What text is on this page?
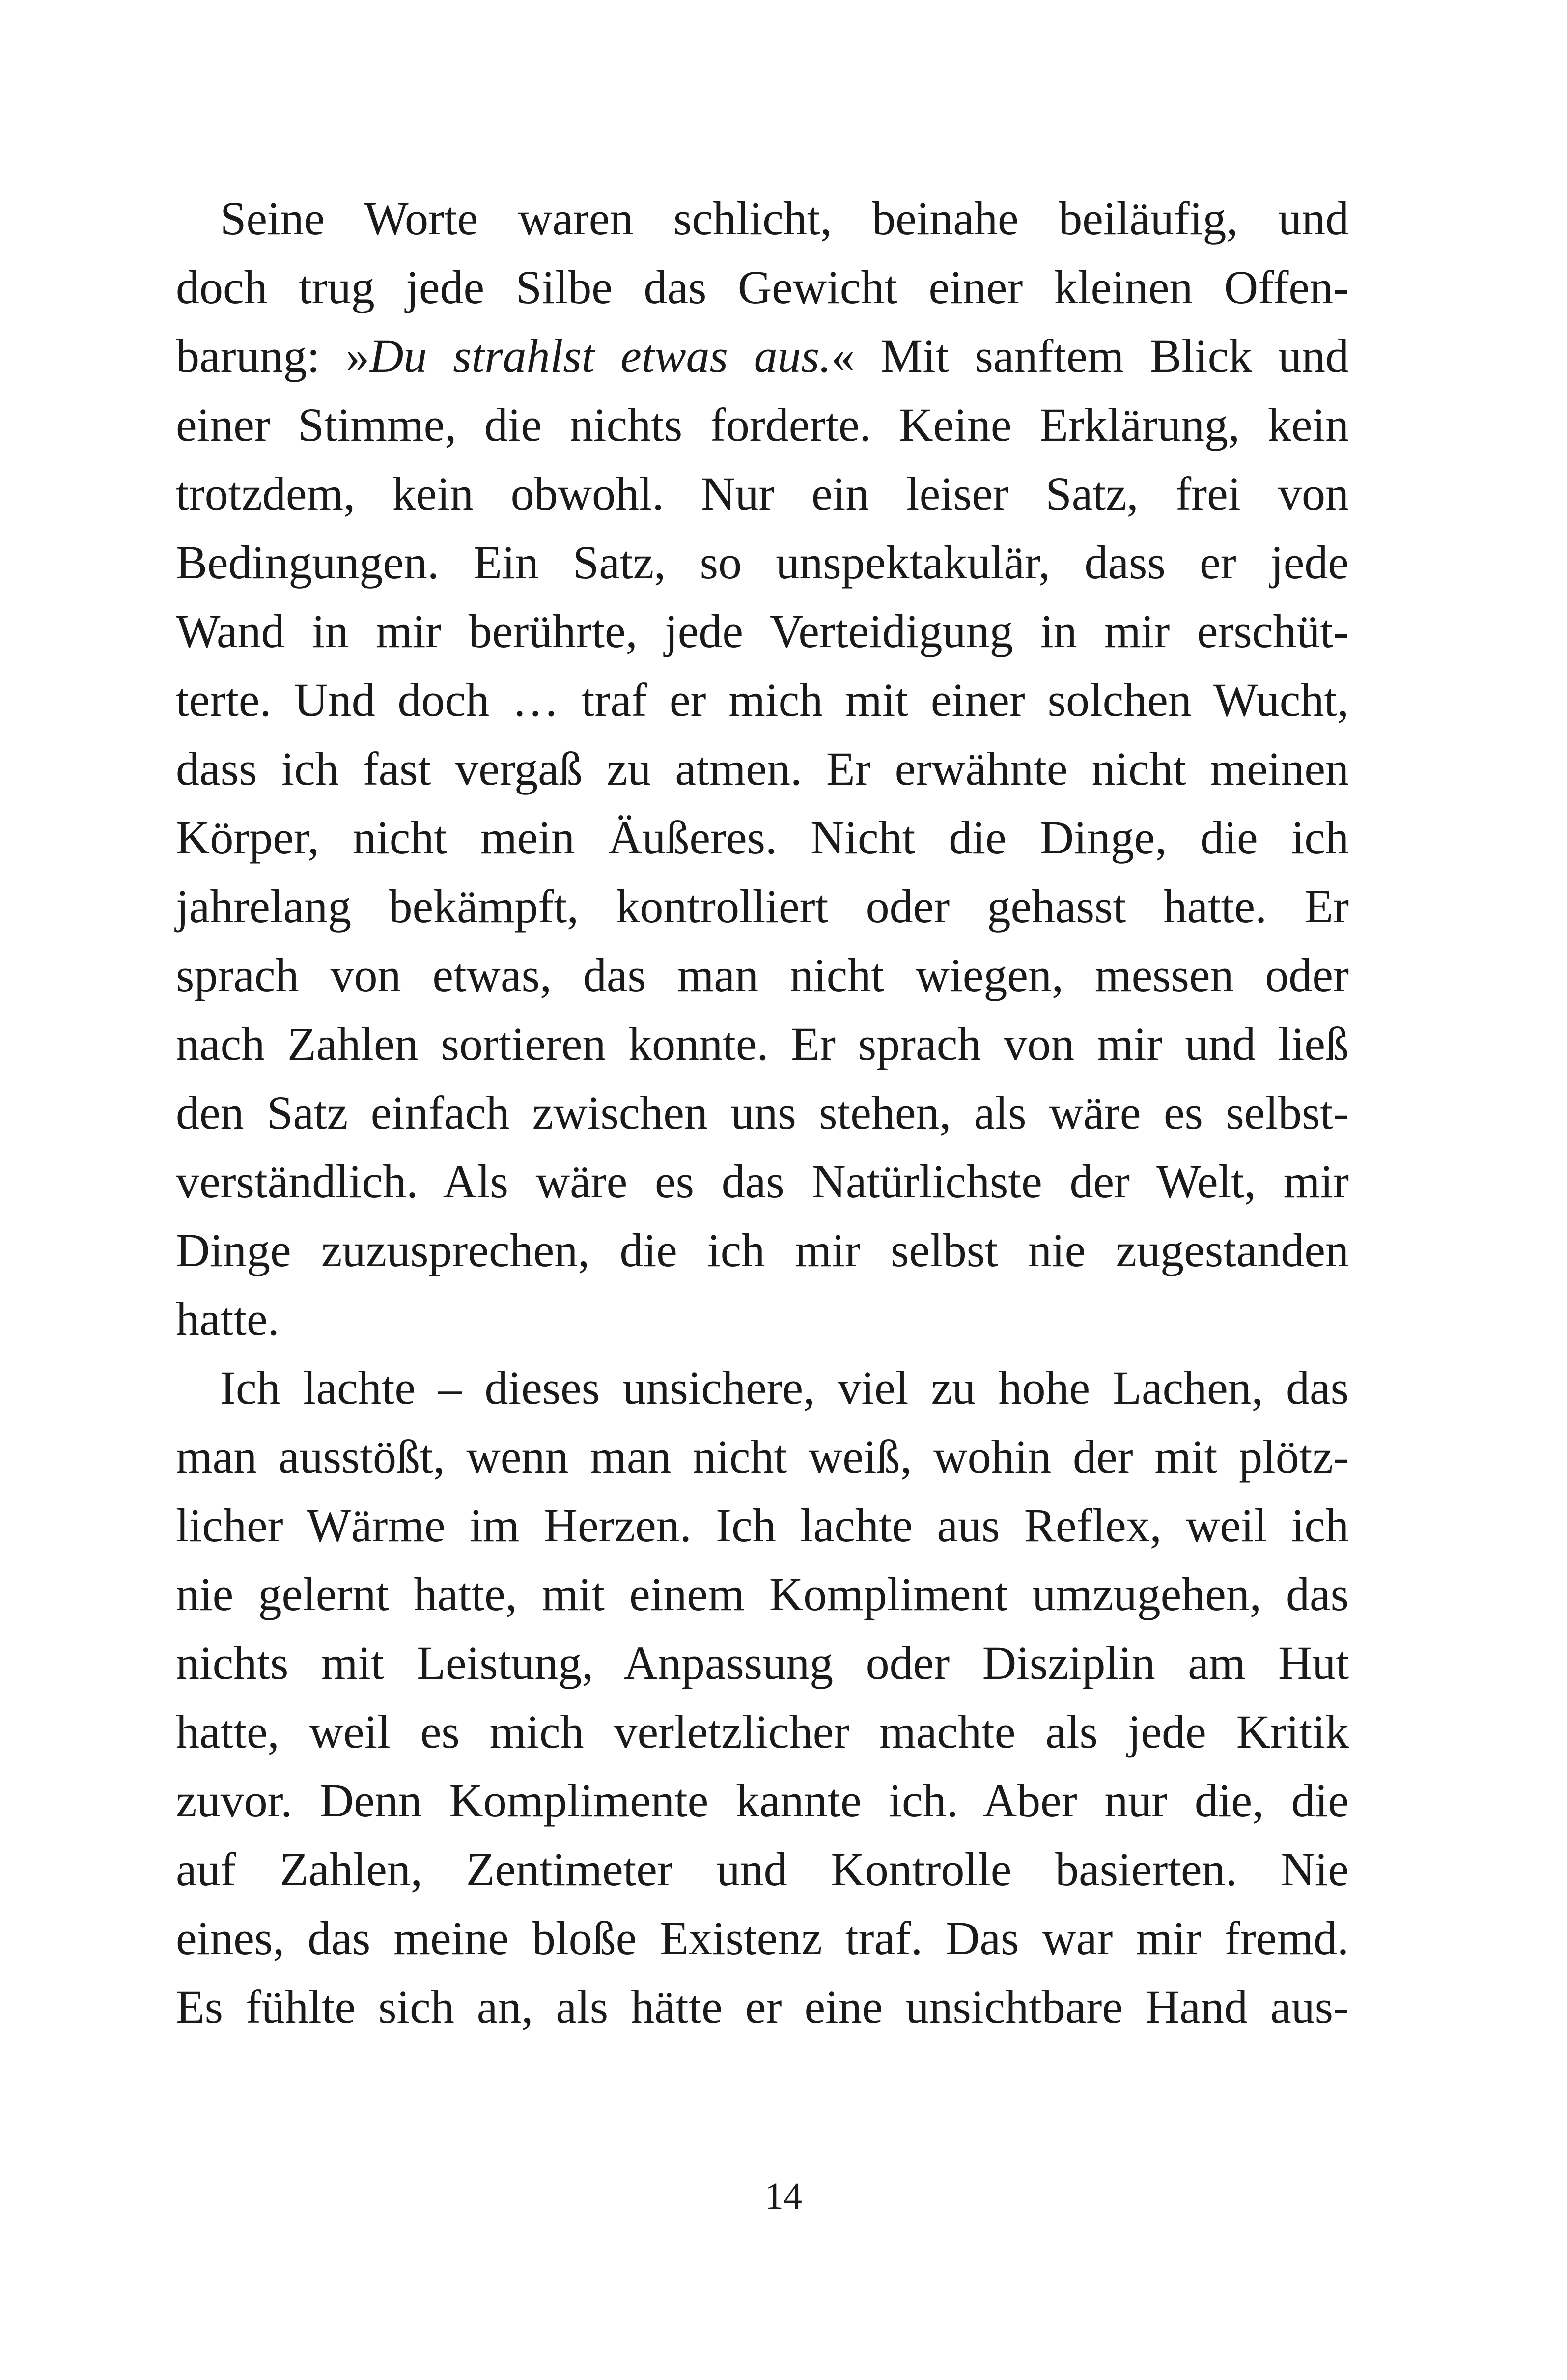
Seine Worte waren schlicht, beinahe beiläufig, und
doch trug jede Silbe das Gewicht einer kleinen Offen-
barung: »Du strahlst etwas aus.« Mit sanftem Blick und
einer Stimme, die nichts forderte. Keine Erklärung, kein
trotzdem, kein obwohl. Nur ein leiser Satz, frei von
Bedingungen. Ein Satz, so unspektakulär, dass er jede
Wand in mir berührte, jede Verteidigung in mir erschüt-
terte. Und doch … traf er mich mit einer solchen Wucht,
dass ich fast vergaß zu atmen. Er erwähnte nicht meinen
Körper, nicht mein Äußeres. Nicht die Dinge, die ich
jahrelang bekämpft, kontrolliert oder gehasst hatte. Er
sprach von etwas, das man nicht wiegen, messen oder
nach Zahlen sortieren konnte. Er sprach von mir und ließ
den Satz einfach zwischen uns stehen, als wäre es selbst-
verständlich. Als wäre es das Natürlichste der Welt, mir
Dinge zuzusprechen, die ich mir selbst nie zugestanden
hatte.
Ich lachte – dieses unsichere, viel zu hohe Lachen, das
man ausstößt, wenn man nicht weiß, wohin der mit plötz-
licher Wärme im Herzen. Ich lachte aus Reflex, weil ich
nie gelernt hatte, mit einem Kompliment umzugehen, das
nichts mit Leistung, Anpassung oder Disziplin am Hut
hatte, weil es mich verletzlicher machte als jede Kritik
zuvor. Denn Komplimente kannte ich. Aber nur die, die
auf Zahlen, Zentimeter und Kontrolle basierten. Nie
eines, das meine bloße Existenz traf. Das war mir fremd.
Es fühlte sich an, als hätte er eine unsichtbare Hand aus-
14
